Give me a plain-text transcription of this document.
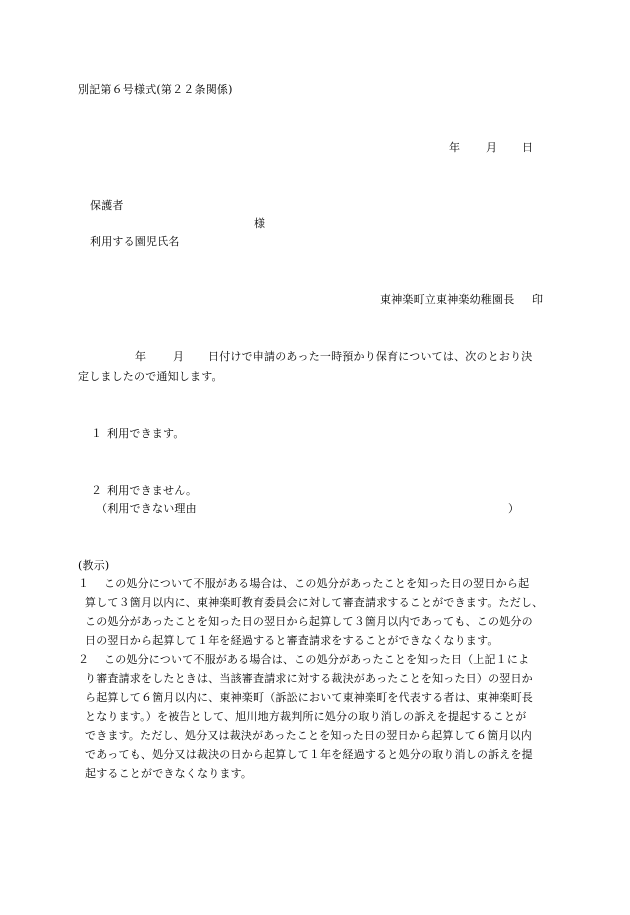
別記第６号様式(第２２条関係)
年 月 日
保護者
様
利用する園児氏名
東神楽町立東神楽幼稚園長 印
年 月 日付けで申請のあった一時預かり保育については、次のとおり決
定しましたので通知します。
１ 利用できます。
２ 利用できません。
（利用できない理由	）
(教示)
１ この処分について不服がある場合は、この処分があったことを知った日の翌日から起
算して３箇月以内に、東神楽町教育委員会に対して審査請求することができます。ただし、
この処分があったことを知った日の翌日から起算して３箇月以内であっても、この処分の
日の翌日から起算して１年を経過すると審査請求をすることができなくなります。
２ この処分について不服がある場合は、この処分があったことを知った日（上記１によ
り審査請求をしたときは、当該審査請求に対する裁決があったことを知った日）の翌日か
ら起算して６箇月以内に、東神楽町（訴訟において東神楽町を代表する者は、東神楽町長
となります。）を被告として、旭川地方裁判所に処分の取り消しの訴えを提起することが
できます。ただし、処分又は裁決があったことを知った日の翌日から起算して６箇月以内
であっても、処分又は裁決の日から起算して１年を経過すると処分の取り消しの訴えを提
起することができなくなります。
